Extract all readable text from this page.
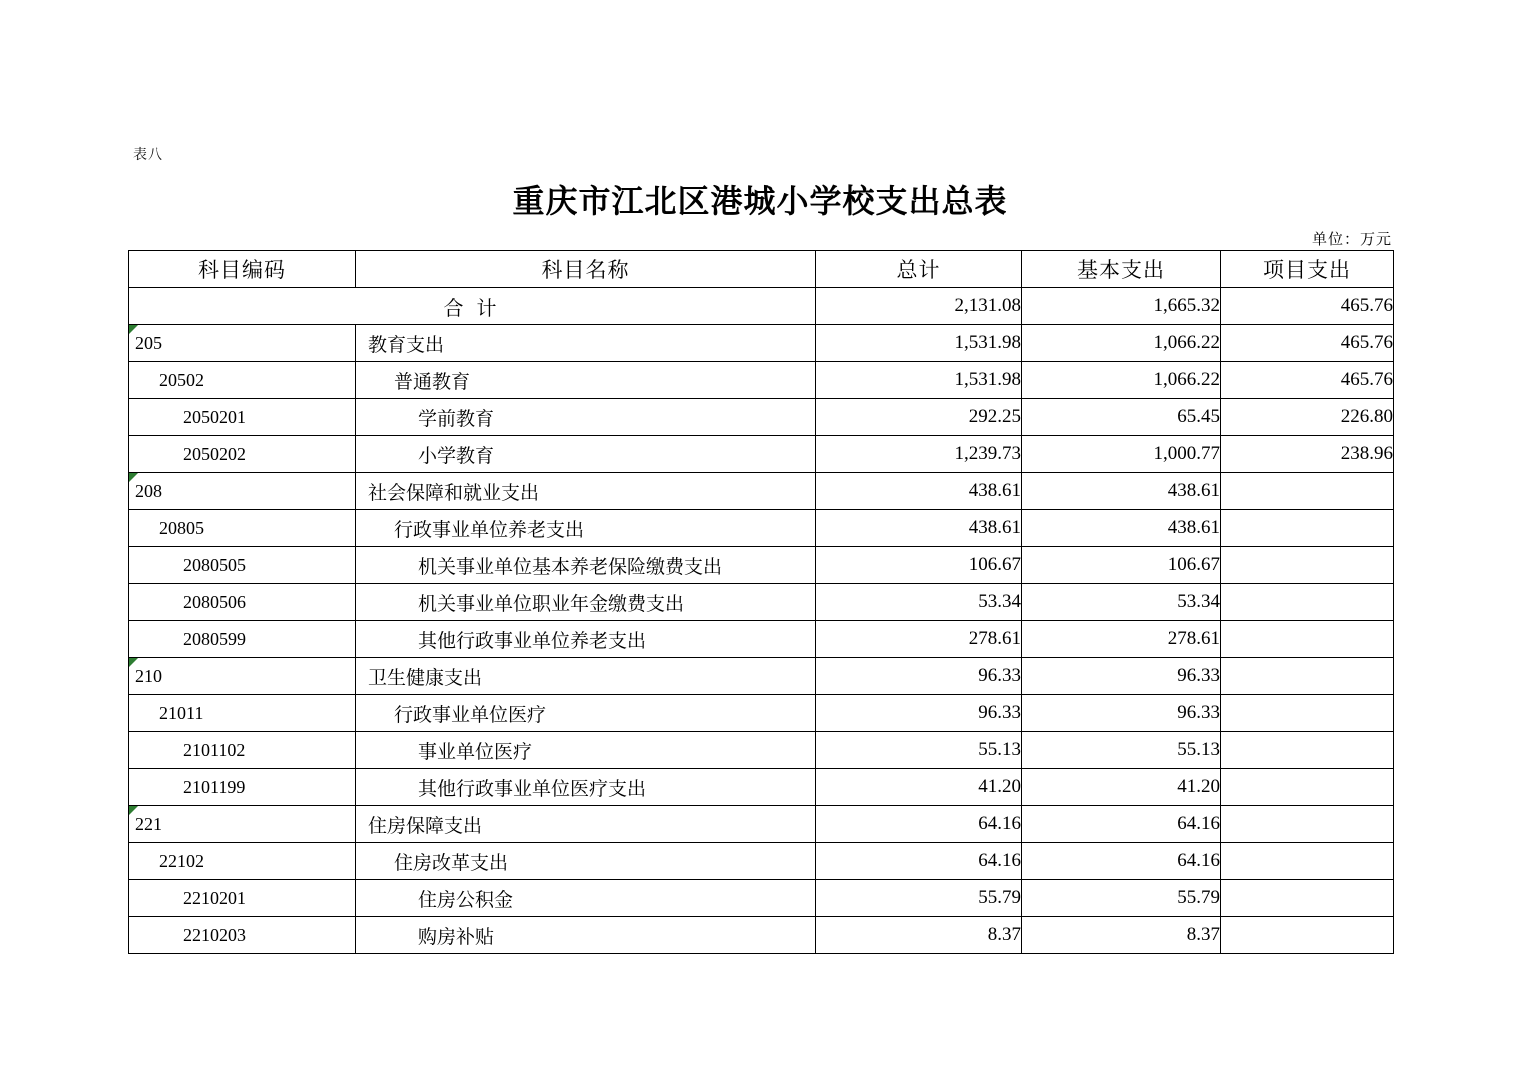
表八
重庆市江北区港城小学校支出总表
单位：万元
科目编码	科目名称	总计	基本支出	项目支出
合 计		2,131.08	1,665.32	465.76
205	教育支出	1,531.98	1,066.22	465.76
20502	普通教育	1,531.98	1,066.22	465.76
2050201	学前教育	292.25	65.45	226.80
2050202	小学教育	1,239.73	1,000.77	238.96
208	社会保障和就业支出	438.61	438.61	
20805	行政事业单位养老支出	438.61	438.61	
2080505	机关事业单位基本养老保险缴费支出	106.67	106.67	
2080506	机关事业单位职业年金缴费支出	53.34	53.34	
2080599	其他行政事业单位养老支出	278.61	278.61	
210	卫生健康支出	96.33	96.33	
21011	行政事业单位医疗	96.33	96.33	
2101102	事业单位医疗	55.13	55.13	
2101199	其他行政事业单位医疗支出	41.20	41.20	
221	住房保障支出	64.16	64.16	
22102	住房改革支出	64.16	64.16	
2210201	住房公积金	55.79	55.79	
2210203	购房补贴	8.37	8.37	
